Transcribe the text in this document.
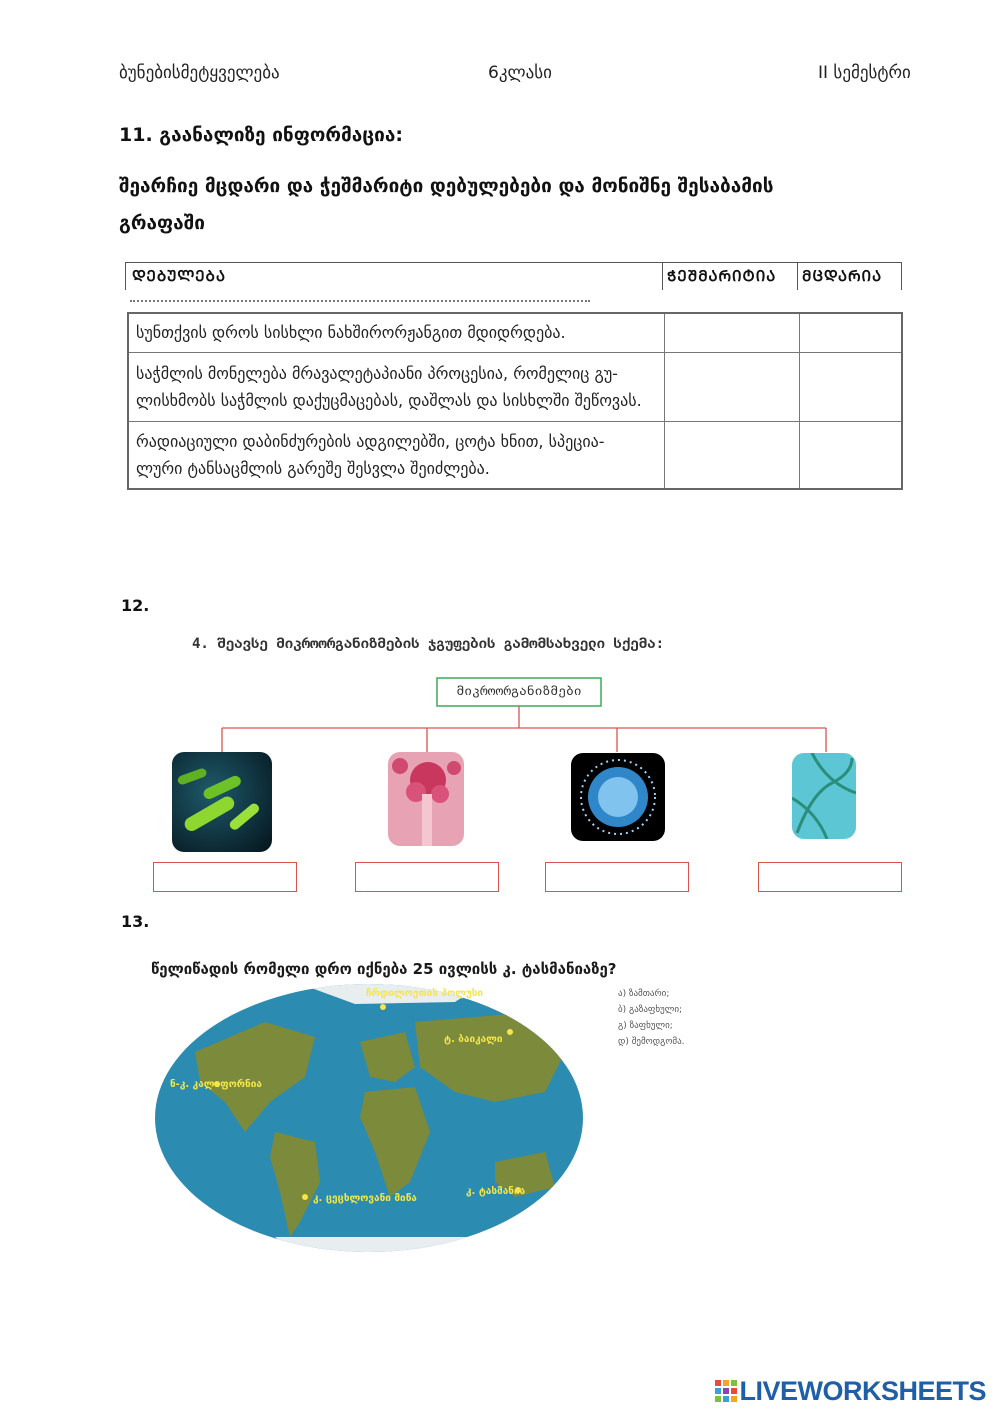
ბუნებისმეტყველება	6კლასი	II სემესტრი
11. გაანალიზე ინფორმაცია:
შეარჩიე მცდარი და ჭეშმარიტი დებულებები და მონიშნე შესაბამის
გრაფაში
ᲓᲔᲑᲣᲚᲔᲑᲐ	ᲭᲔᲨᲛᲐᲠᲘᲢᲘᲐ	ᲛᲪᲓᲐᲠᲘᲐ
სუნთქვის დროს სისხლი ნახშირორჟანგით მდიდრდება.
საჭმლის მონელება მრავალეტაპიანი პროცესია, რომელიც გუ-
ლისხმობს საჭმლის დაქუცმაცებას, დაშლას და სისხლში შეწოვას.
რადიაციული დაბინძურების ადგილებში, ცოტა ხნით, სპეცია-
ლური ტანსაცმლის გარეშე შესვლა შეიძლება.
12.
4. შეავსე მიკროორგანიზმების ჯგუფების გამომსახველი სქემა:
მიკროორგანიზმები
13.
წელიწადის რომელი დრო იქნება 25 ივლისს კ. ტასმანიაზე?
ა) ზამთარი;
ბ) გაზაფხული;
გ) ზაფხული;
დ) შემოდგომა.
ჩრდილოეთის პოლუსი
ტ. ბაიკალი
ნ-კ. კალიფორნია
კ. ცეცხლოვანი მიწა
კ. ტასმანია
LIVEWORKSHEETS
